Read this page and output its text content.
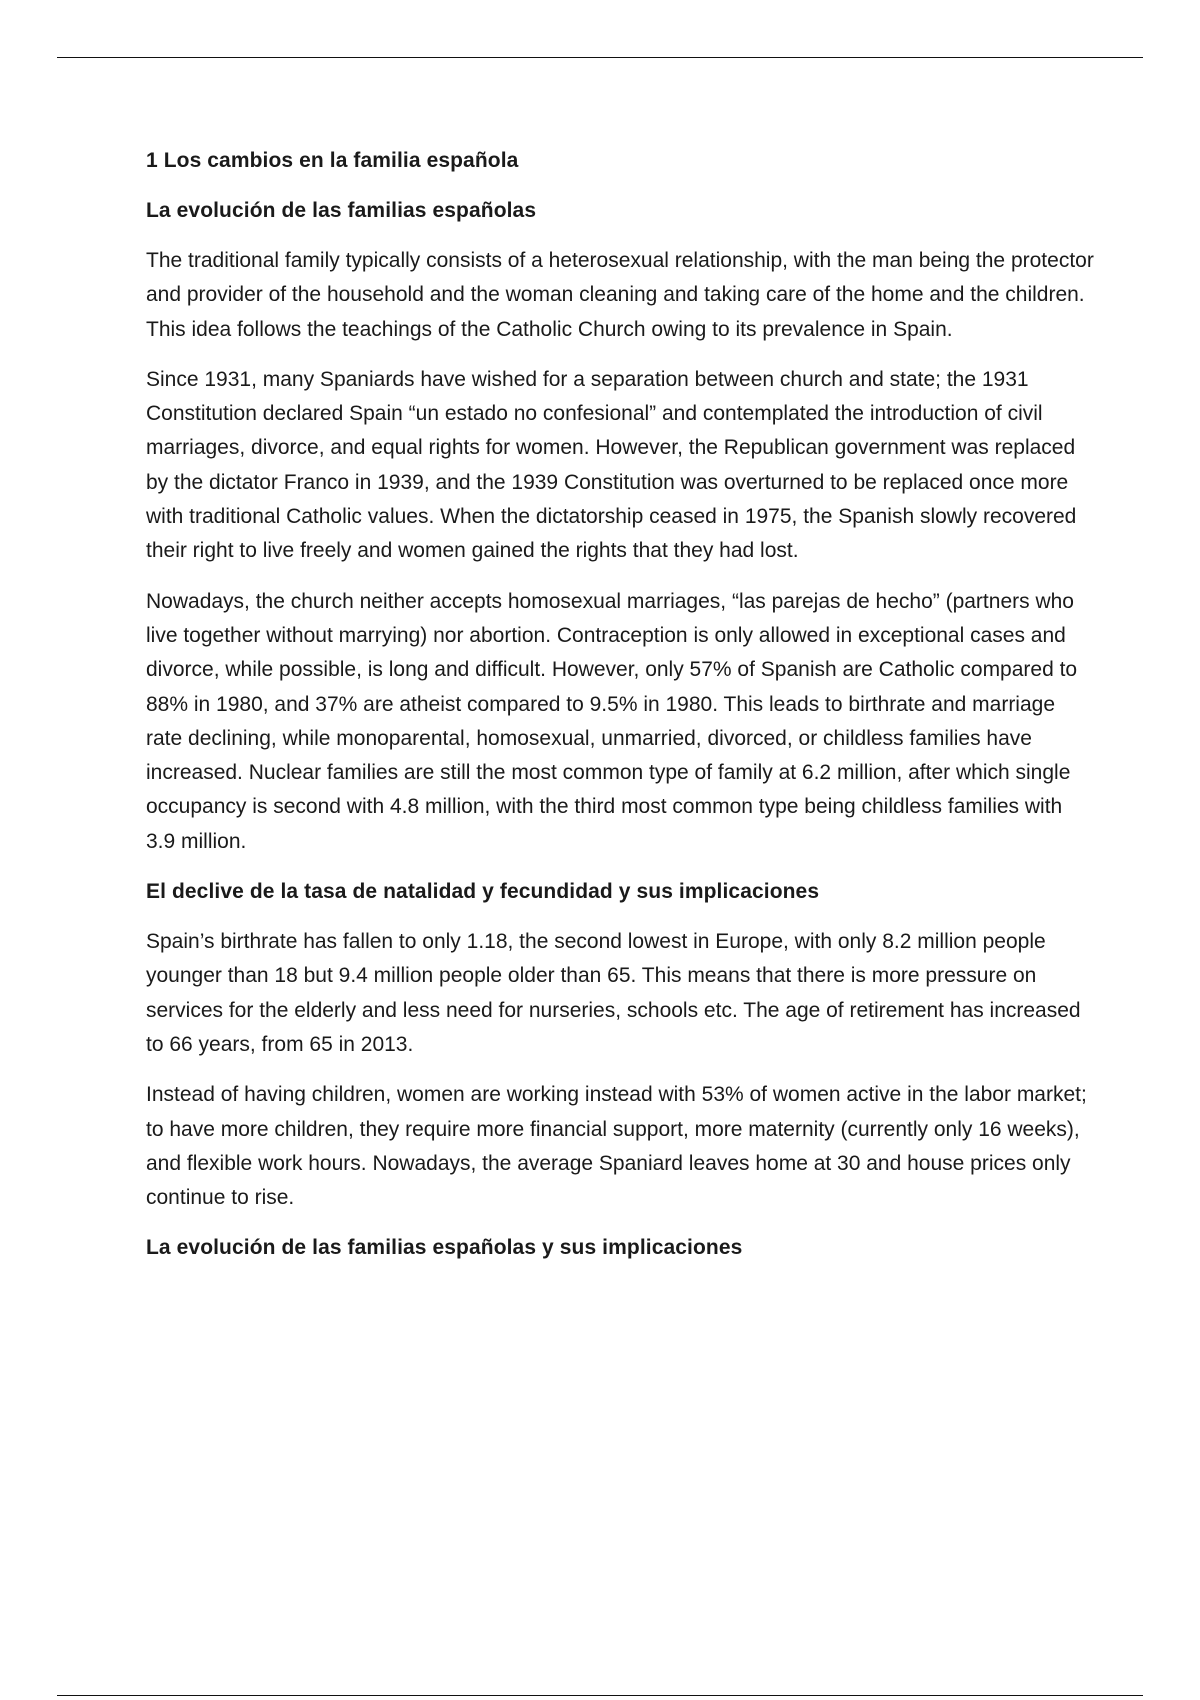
1 Los cambios en la familia española
La evolución de las familias españolas

The traditional family typically consists of a heterosexual relationship, with the man being the protector and provider of the household and the woman cleaning and taking care of the home and the children. This idea follows the teachings of the Catholic Church owing to its prevalence in Spain.

Since 1931, many Spaniards have wished for a separation between church and state; the 1931 Constitution declared Spain “un estado no confesional” and contemplated the introduction of civil marriages, divorce, and equal rights for women. However, the Republican government was replaced by the dictator Franco in 1939, and the 1939 Constitution was overturned to be replaced once more with traditional Catholic values. When the dictatorship ceased in 1975, the Spanish slowly recovered their right to live freely and women gained the rights that they had lost.

Nowadays, the church neither accepts homosexual marriages, “las parejas de hecho” (partners who live together without marrying) nor abortion. Contraception is only allowed in exceptional cases and divorce, while possible, is long and difficult. However, only 57% of Spanish are Catholic compared to 88% in 1980, and 37% are atheist compared to 9.5% in 1980. This leads to birthrate and marriage rate declining, while monoparental, homosexual, unmarried, divorced, or childless families have increased. Nuclear families are still the most common type of family at 6.2 million, after which single occupancy is second with 4.8 million, with the third most common type being childless families with 3.9 million.

El declive de la tasa de natalidad y fecundidad y sus implicaciones

Spain’s birthrate has fallen to only 1.18, the second lowest in Europe, with only 8.2 million people younger than 18 but 9.4 million people older than 65. This means that there is more pressure on services for the elderly and less need for nurseries, schools etc. The age of retirement has increased to 66 years, from 65 in 2013.

Instead of having children, women are working instead with 53% of women active in the labor market; to have more children, they require more financial support, more maternity (currently only 16 weeks), and flexible work hours. Nowadays, the average Spaniard leaves home at 30 and house prices only continue to rise.

La evolución de las familias españolas y sus implicaciones
